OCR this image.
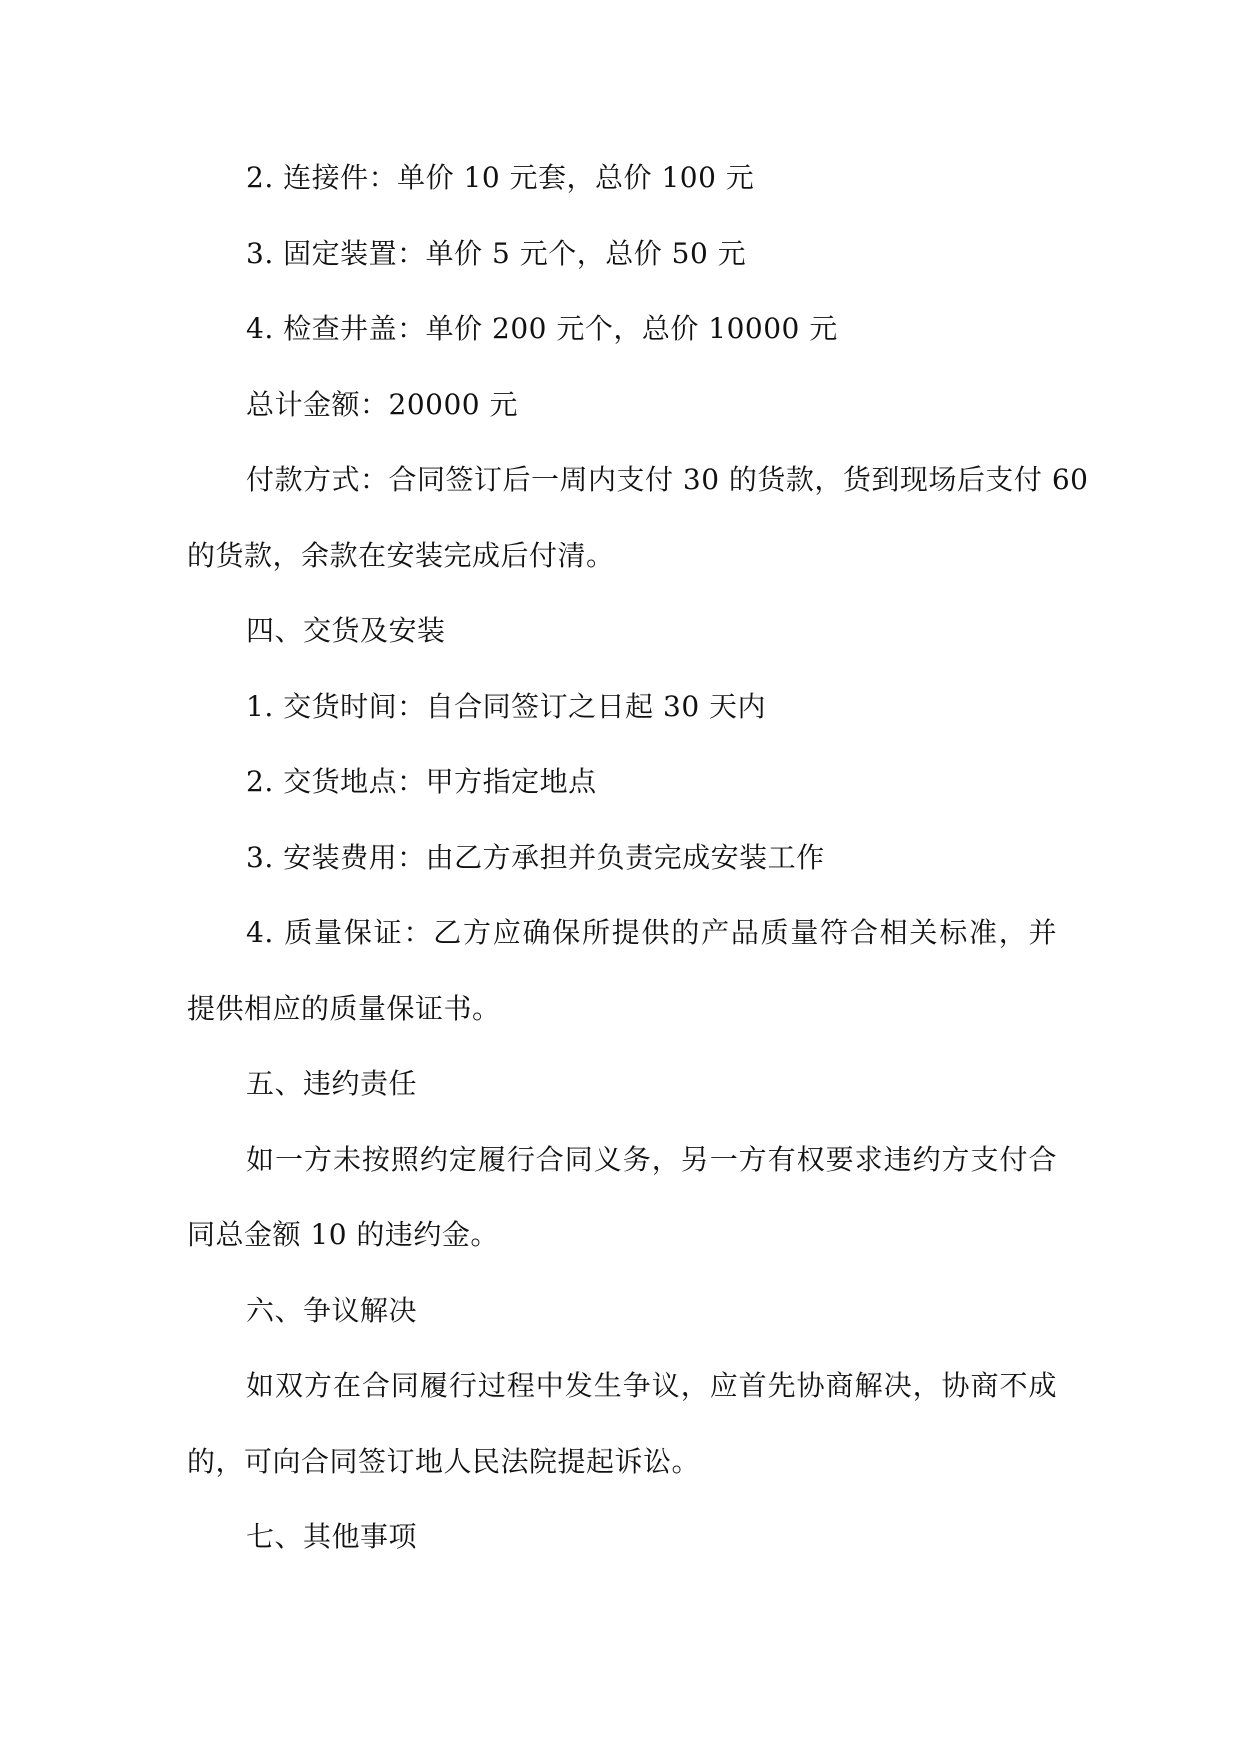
2. 连接件：单价 10 元套，总价 100 元
3. 固定装置：单价 5 元个，总价 50 元
4. 检查井盖：单价 200 元个，总价 10000 元
总计金额：20000 元
付款方式：合同签订后一周内支付 30 的货款，货到现场后支付 60
的货款，余款在安装完成后付清。
四、交货及安装
1. 交货时间：自合同签订之日起 30 天内
2. 交货地点：甲方指定地点
3. 安装费用：由乙方承担并负责完成安装工作
4. 质量保证：乙方应确保所提供的产品质量符合相关标准，并
提供相应的质量保证书。
五、违约责任
如一方未按照约定履行合同义务，另一方有权要求违约方支付合
同总金额 10 的违约金。
六、争议解决
如双方在合同履行过程中发生争议，应首先协商解决，协商不成
的，可向合同签订地人民法院提起诉讼。
七、其他事项
